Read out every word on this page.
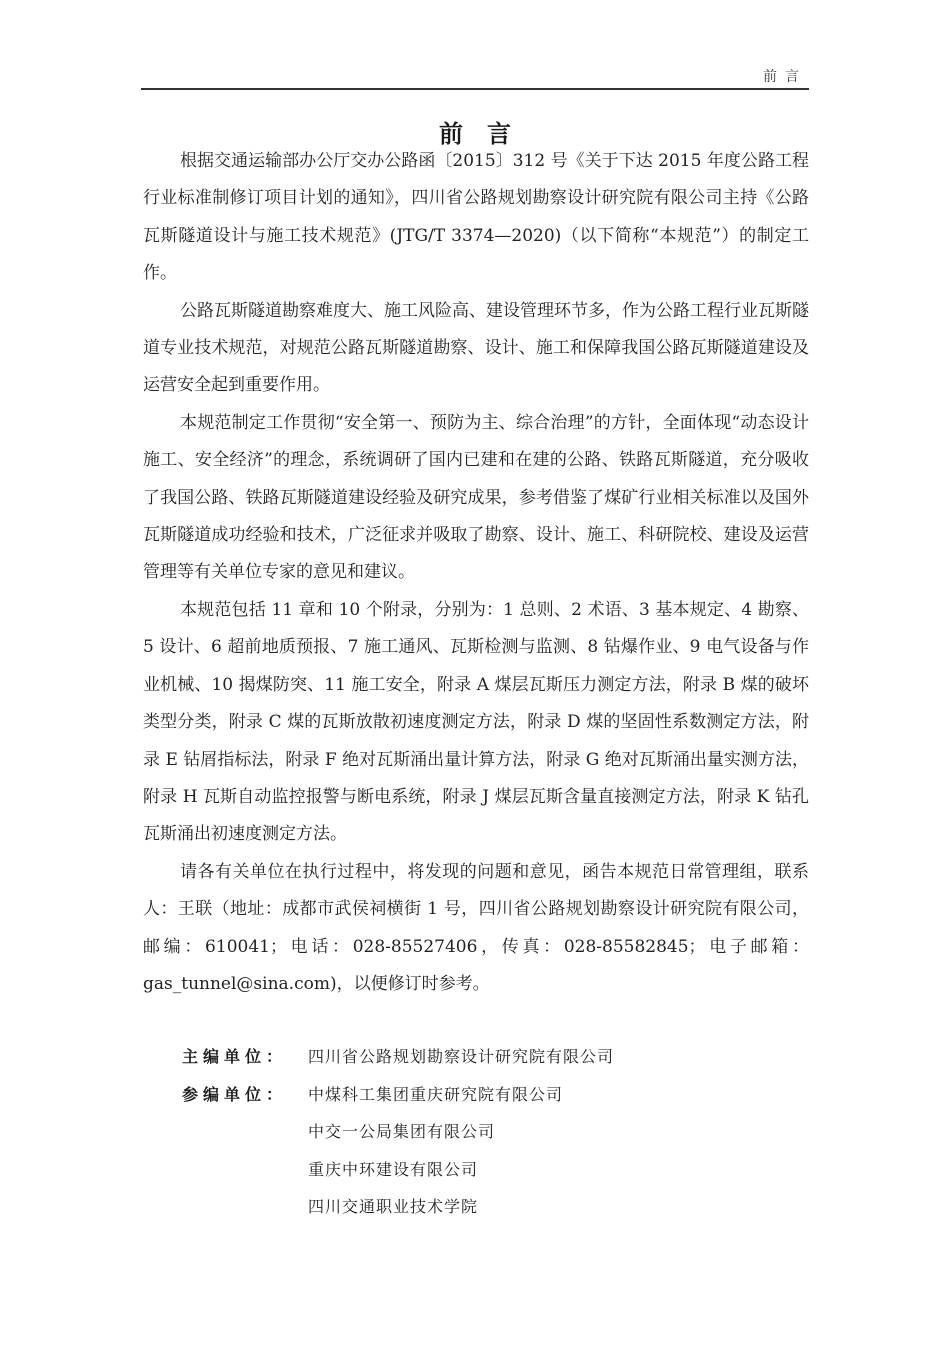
前言
前言

根据交通运输部办公厅交办公路函〔2015〕312 号《关于下达 2015 年度公路工程行业标准制修订项目计划的通知》，四川省公路规划勘察设计研究院有限公司主持《公路瓦斯隧道设计与施工技术规范》(JTG/T 3374—2020)（以下简称“本规范”）的制定工作。

公路瓦斯隧道勘察难度大、施工风险高、建设管理环节多，作为公路工程行业瓦斯隧道专业技术规范，对规范公路瓦斯隧道勘察、设计、施工和保障我国公路瓦斯隧道建设及运营安全起到重要作用。

本规范制定工作贯彻“安全第一、预防为主、综合治理”的方针，全面体现“动态设计施工、安全经济”的理念，系统调研了国内已建和在建的公路、铁路瓦斯隧道，充分吸收了我国公路、铁路瓦斯隧道建设经验及研究成果，参考借鉴了煤矿行业相关标准以及国外瓦斯隧道成功经验和技术，广泛征求并吸取了勘察、设计、施工、科研院校、建设及运营管理等有关单位专家的意见和建议。

本规范包括 11 章和 10 个附录，分别为：1 总则、2 术语、3 基本规定、4 勘察、5 设计、6 超前地质预报、7 施工通风、瓦斯检测与监测、8 钻爆作业、9 电气设备与作业机械、10 揭煤防突、11 施工安全，附录 A 煤层瓦斯压力测定方法，附录 B 煤的破坏类型分类，附录 C 煤的瓦斯放散初速度测定方法，附录 D 煤的坚固性系数测定方法，附录 E 钻屑指标法，附录 F 绝对瓦斯涌出量计算方法，附录 G 绝对瓦斯涌出量实测方法，附录 H 瓦斯自动监控报警与断电系统，附录 J 煤层瓦斯含量直接测定方法，附录 K 钻孔瓦斯涌出初速度测定方法。

请各有关单位在执行过程中，将发现的问题和意见，函告本规范日常管理组，联系人：王联（地址：成都市武侯祠横街 1 号，四川省公路规划勘察设计研究院有限公司，邮编：610041；电话：028-85527406，传真：028-85582845；电子邮箱：gas_tunnel@sina.com)，以便修订时参考。

主编单位：	四川省公路规划勘察设计研究院有限公司
参编单位：	中煤科工集团重庆研究院有限公司
中交一公局集团有限公司
重庆中环建设有限公司
四川交通职业技术学院
